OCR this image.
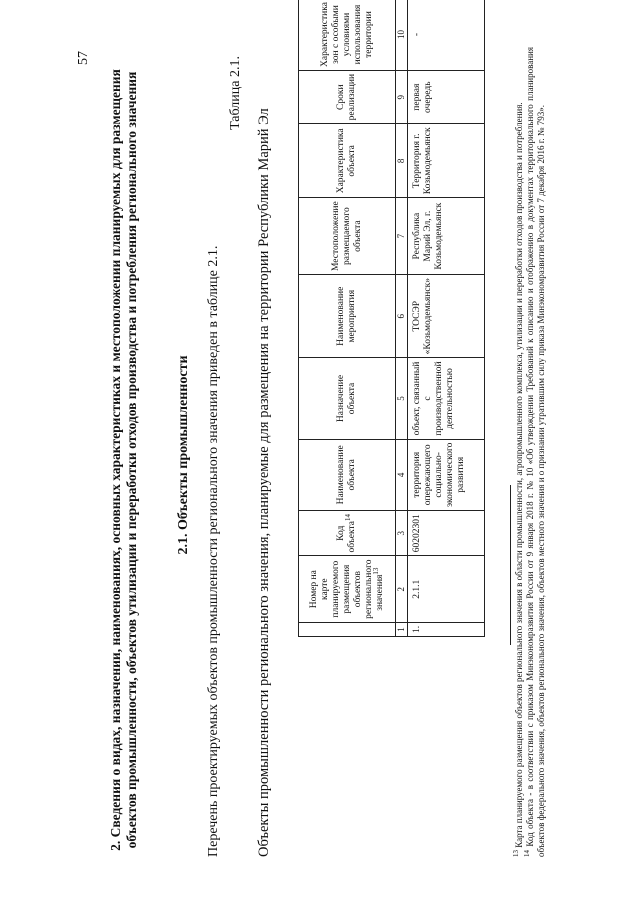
57
2. Сведения о видах, назначении, наименованиях, основных характеристиках и местоположении планируемых для размещения объектов промышленности, объектов утилизации и переработки отходов производства и потребления регионального значения	2.1. Объекты промышленности Перечень проектируемых объектов промышленности регионального значения приведен в таблице 2.1.
Таблица 2.1.
Объекты промышленности регионального значения, планируемые для размещения на территории Республики Марий Эл
		Номер на карте планируемого размещения объектов регионального значения$^{13}$	Код объекта$^{14}$	Наименование объекта	Назначение объекта	Наименование мероприятия	Местоположение размещаемого объекта	Характеристика объекта	Сроки реализации	Характеристика зон с особыми условиями использования территории
1	2	3	4	5	6	7	8	9	10
1.	2.1.1	60202301	территория опережающего социально-экономического развития	объект, связанный с производственной деятельностью	ТОСЭР «Козьмодемьянск»	Республика Марий Эл, г. Козьмодемьянск	Территория г. Козьмодемьянск	первая очередь	-

$^{13}$ Карта планируемого размещения объектов регионального значения в области промышленности, агропромышленного комплекса, утилизации и переработки отходов производства и потребления.

$^{14}$ Код объекта - в соответствии с приказом Минэкономразвития России от 9 января 2018 г. № 10 «Об утверждении Требований к описанию и отображению в документах территориального планирования объектов федерального значения, объектов регионального значения, объектов местного значения и о признании утратившим силу приказа Минэкономразвития России от 7 декабря 2016 г. № 793».
